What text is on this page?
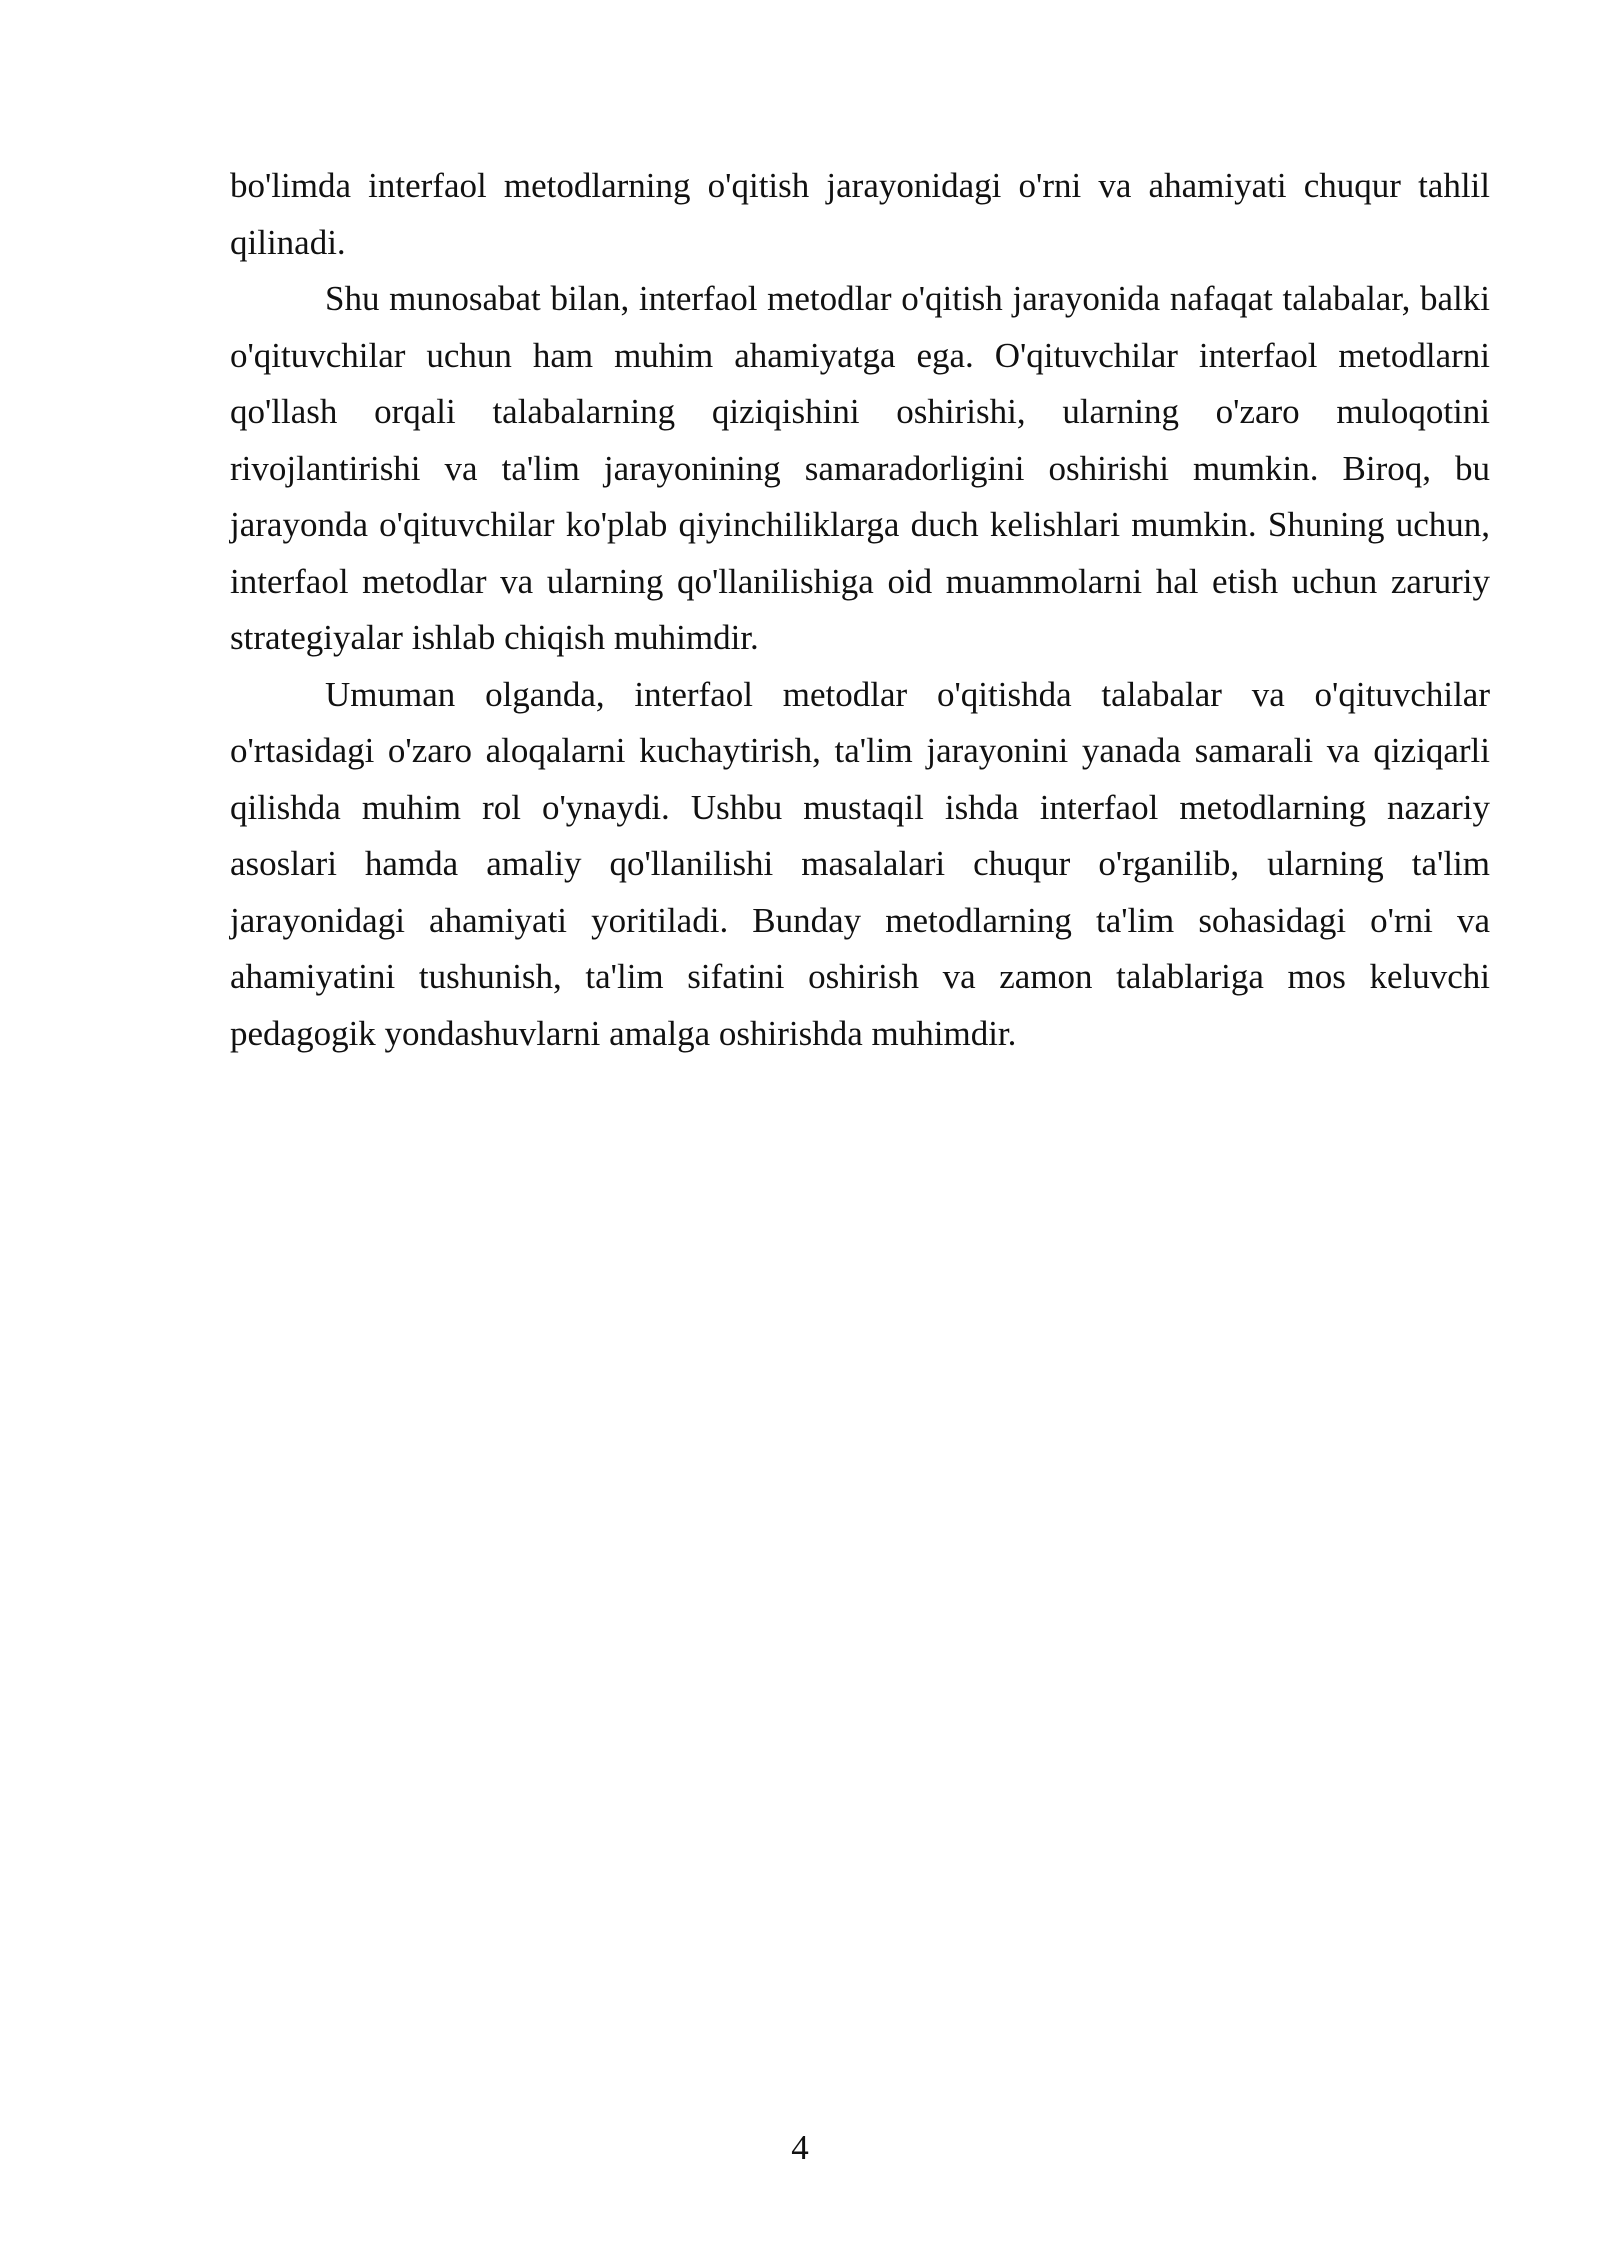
bo'limda interfaol metodlarning o'qitish jarayonidagi o'rni va ahamiyati chuqur tahlil qilinadi.

Shu munosabat bilan, interfaol metodlar o'qitish jarayonida nafaqat talabalar, balki o'qituvchilar uchun ham muhim ahamiyatga ega. O'qituvchilar interfaol metodlarni qo'llash orqali talabalarning qiziqishini oshirishi, ularning o'zaro muloqotini rivojlantirishi va ta'lim jarayonining samaradorligini oshirishi mumkin. Biroq, bu jarayonda o'qituvchilar ko'plab qiyinchiliklarga duch kelishlari mumkin. Shuning uchun, interfaol metodlar va ularning qo'llanilishiga oid muammolarni hal etish uchun zaruriy strategiyalar ishlab chiqish muhimdir.

Umuman olganda, interfaol metodlar o'qitishda talabalar va o'qituvchilar o'rtasidagi o'zaro aloqalarni kuchaytirish, ta'lim jarayonini yanada samarali va qiziqarli qilishda muhim rol o'ynaydi. Ushbu mustaqil ishda interfaol metodlarning nazariy asoslari hamda amaliy qo'llanilishi masalalari chuqur o'rganilib, ularning ta'lim jarayonidagi ahamiyati yoritiladi. Bunday metodlarning ta'lim sohasidagi o'rni va ahamiyatini tushunish, ta'lim sifatini oshirish va zamon talablariga mos keluvchi pedagogik yondashuvlarni amalga oshirishda muhimdir.

4
